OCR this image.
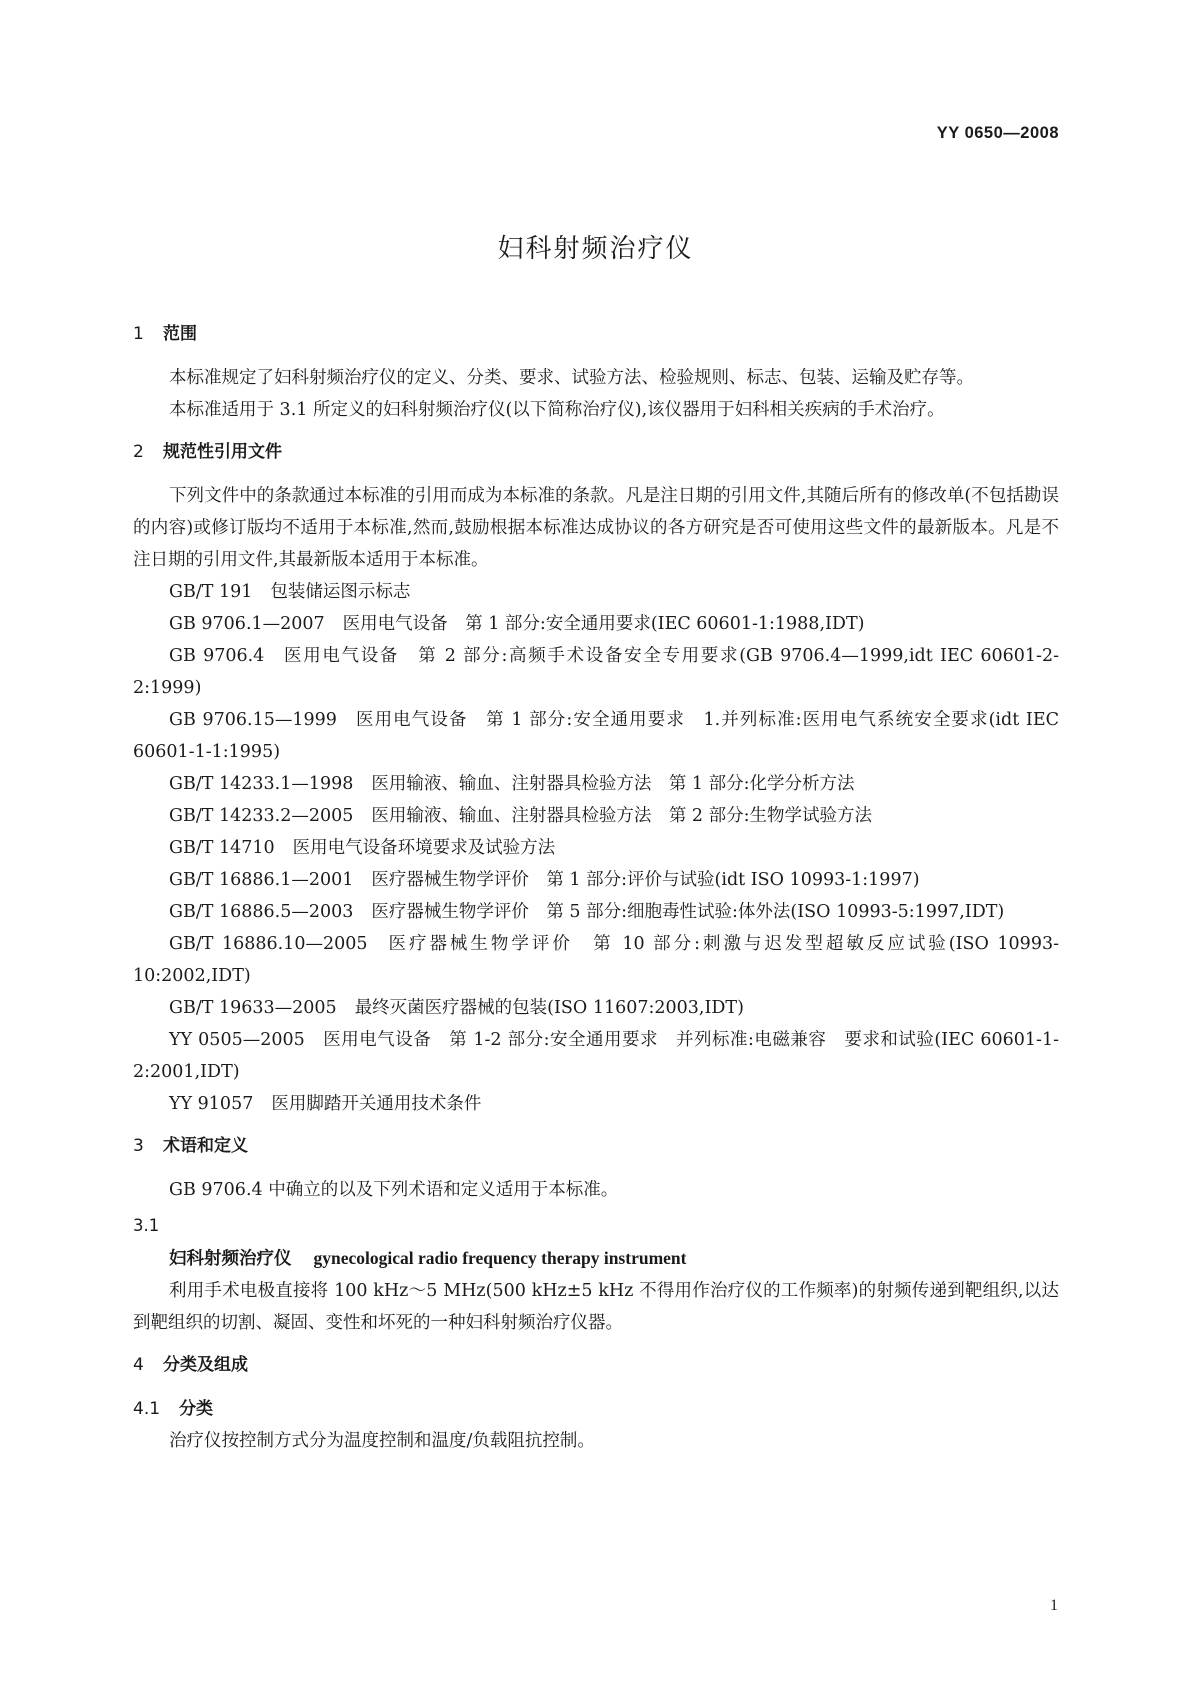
YY 0650—2008
妇科射频治疗仪
1 范围

本标准规定了妇科射频治疗仪的定义、分类、要求、试验方法、检验规则、标志、包装、运输及贮存等。

本标准适用于 3.1 所定义的妇科射频治疗仪(以下简称治疗仪),该仪器用于妇科相关疾病的手术治疗。

2 规范性引用文件

下列文件中的条款通过本标准的引用而成为本标准的条款。凡是注日期的引用文件,其随后所有的修改单(不包括勘误的内容)或修订版均不适用于本标准,然而,鼓励根据本标准达成协议的各方研究是否可使用这些文件的最新版本。凡是不注日期的引用文件,其最新版本适用于本标准。

GB/T 191 包装储运图示标志

GB 9706.1—2007 医用电气设备　第 1 部分:安全通用要求(IEC 60601-1:1988,IDT)

GB 9706.4 医用电气设备　第 2 部分:高频手术设备安全专用要求(GB 9706.4—1999,idt IEC 60601-2-2:1999)

GB 9706.15—1999 医用电气设备　第 1 部分:安全通用要求　1.并列标准:医用电气系统安全要求(idt IEC 60601-1-1:1995)

GB/T 14233.1—1998 医用输液、输血、注射器具检验方法　第 1 部分:化学分析方法

GB/T 14233.2—2005 医用输液、输血、注射器具检验方法　第 2 部分:生物学试验方法

GB/T 14710 医用电气设备环境要求及试验方法

GB/T 16886.1—2001 医疗器械生物学评价　第 1 部分:评价与试验(idt ISO 10993-1:1997)

GB/T 16886.5—2003 医疗器械生物学评价　第 5 部分:细胞毒性试验:体外法(ISO 10993-5:1997,IDT)

GB/T 16886.10—2005 医疗器械生物学评价　第 10 部分:刺激与迟发型超敏反应试验(ISO 10993-10:2002,IDT)

GB/T 19633—2005 最终灭菌医疗器械的包装(ISO 11607:2003,IDT)

YY 0505—2005 医用电气设备　第 1-2 部分:安全通用要求　并列标准:电磁兼容　要求和试验(IEC 60601-1-2:2001,IDT)

YY 91057 医用脚踏开关通用技术条件

3 术语和定义

GB 9706.4 中确立的以及下列术语和定义适用于本标准。

3.1

妇科射频治疗仪 gynecological radio frequency therapy instrument

利用手术电极直接将 100 kHz～5 MHz(500 kHz±5 kHz 不得用作治疗仪的工作频率)的射频传递到靶组织,以达到靶组织的切割、凝固、变性和坏死的一种妇科射频治疗仪器。

4 分类及组成
4.1 分类

治疗仪按控制方式分为温度控制和温度/负载阻抗控制。

1
